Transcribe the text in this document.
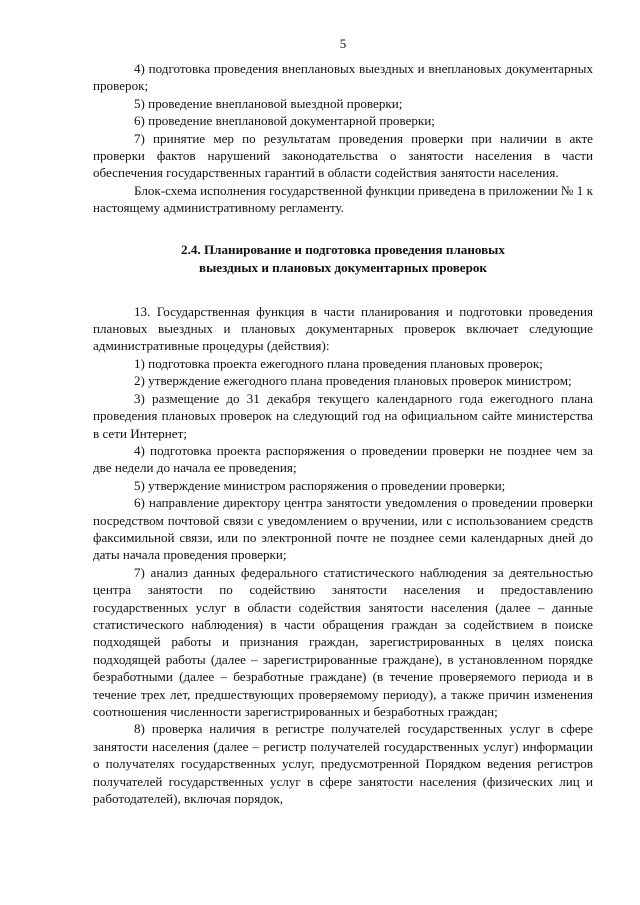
5

4) подготовка проведения внеплановых выездных и внеплановых документарных проверок;

5) проведение внеплановой выездной проверки;

6) проведение внеплановой документарной проверки;

7) принятие мер по результатам проведения проверки при наличии в акте проверки фактов нарушений законодательства о занятости населения в части обеспечения государственных гарантий в области содействия занятости населения.

Блок-схема исполнения государственной функции приведена в приложении № 1 к настоящему административному регламенту.

2.4. Планирование и подготовка проведения плановых
выездных и плановых документарных проверок

13. Государственная функция в части планирования и подготовки проведения плановых выездных и плановых документарных проверок включает следующие административные процедуры (действия):

1) подготовка проекта ежегодного плана проведения плановых проверок;

2) утверждение ежегодного плана проведения плановых проверок министром;

3) размещение до 31 декабря текущего календарного года ежегодного плана проведения плановых проверок на следующий год на официальном сайте министерства в сети Интернет;

4) подготовка проекта распоряжения о проведении проверки не позднее чем за две недели до начала ее проведения;

5) утверждение министром распоряжения о проведении проверки;

6) направление директору центра занятости уведомления о проведении проверки посредством почтовой связи с уведомлением о вручении, или с использованием средств факсимильной связи, или по электронной почте не позднее семи календарных дней до даты начала проведения проверки;

7) анализ данных федерального статистического наблюдения за деятельностью центра занятости по содействию занятости населения и предоставлению государственных услуг в области содействия занятости населения (далее – данные статистического наблюдения) в части обращения граждан за содействием в поиске подходящей работы и признания граждан, зарегистрированных в целях поиска подходящей работы (далее – зарегистрированные граждане), в установленном порядке безработными (далее – безработные граждане) (в течение проверяемого периода и в течение трех лет, предшествующих проверяемому периоду), а также причин изменения соотношения численности зарегистрированных и безработных граждан;

8) проверка наличия в регистре получателей государственных услуг в сфере занятости населения (далее – регистр получателей государственных услуг) информации о получателях государственных услуг, предусмотренной Порядком ведения регистров получателей государственных услуг в сфере занятости населения (физических лиц и работодателей), включая порядок,
